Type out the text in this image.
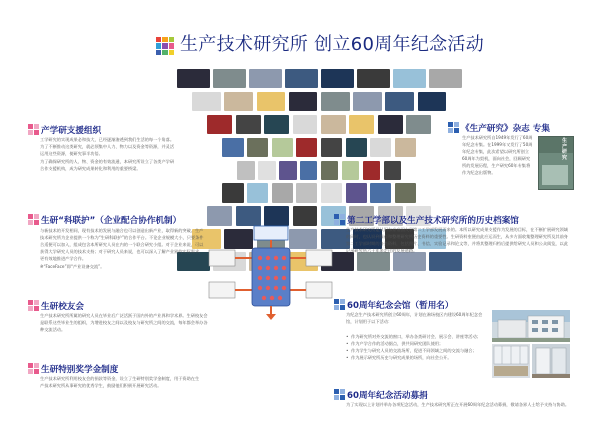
生产技术研究所 创立60周年纪念活动
产学研支援组织

工学研究的实现成果必和技大，已经逐渐渗透到我们生活的每一个角落。为了不断推动这类研究，就必须集中人力、物力以及资金等资源，并灵活运用这些资源，使研究事半功倍。

为了确保研究所的人、物、资金的有效流通，本研究所设立了各类产学研合作支援机构，成为研究成果转化和利用的重要桥梁。

生研“科联护”（企业配合协作机制）

与新技术的开发相同，现有技术的发展与融合也可以创造出新产业，取得新的突破。生产技术研究所为企业提供一个称为“生研科联护”的合作平台。不论企业规模大小，只要条件合适便可以加入，组成包含本所研究人员在内的一个联合研究小组。对于企业来说，可以获得大学研究人员的技术支持；对于研究人员来说，也可以深入了解产业界的实际需求，更有效地推进产学合作。

※“FaceFace”即“产业设备交流”。

生研校友会

生产技术研究所所属的研究人员在毕业后广泛活跃于国内外的产业界和学术界。生研校友会是联系这些毕业生的组织，为增进校友之间以及校友与研究所之间的交流，每年都会举办各种交流活动。

生研特别奖学金制度

生产技术研究所利用校友会的捐款等资金，设立了生研特别奖学金制度，用于资助在生产技术研究所从事研究的优秀学生，鼓励他们积极开展研究活动。

《生产研究》杂志 专集

生产技术研究所自1949年发行了60周年纪念专集。在1999年又发行了50周年纪念专集，此次希望以研究所创立60周年为契机，面向社会，回顾研究所的发展历程，生产研究60年专集将作为纪念出版物。

生产研究
第二工学部以及生产技术研究所的历史档案馆

生产技术研究所是从旧东京帝国大学第二工学部发展而来的。本所以研究成果支援作为发展的目标，在不断扩展研究领域的同时，也认识到保存和整理研究所历史资料的重要性。生研资料室便由此应运而生，从多方面收集整理研究所及其前身第二工学部时期的各类资料，包括照片、书信、实验记录和论文等，并将其整理归档后提供给研究人员和公众阅览，以此记录研究所六十年来走过的发展道路。

60周年纪念会馆（暂用名）

为纪念生产技术研究所创立60周年，计划在驹场校区内建设60周年纪念会馆，计划用于以下活动：

• 作为研究所对外交流的窗口，举办各类研讨会、展示会、讲座等活动；
• 作为产学合作的活动据点，供共同研究团队使用；
• 作为学生与研究人员的交流场所，促进不同领域之间的交流与融合；
• 作为展示研究所历史与研究成果的场所，向社会公开。
60周年纪念活动募捐

为了实现以上计划并举办各项纪念活动，生产技术研究所正在开展60周年纪念活动募捐，敬请各界人士给予支持与协助。
